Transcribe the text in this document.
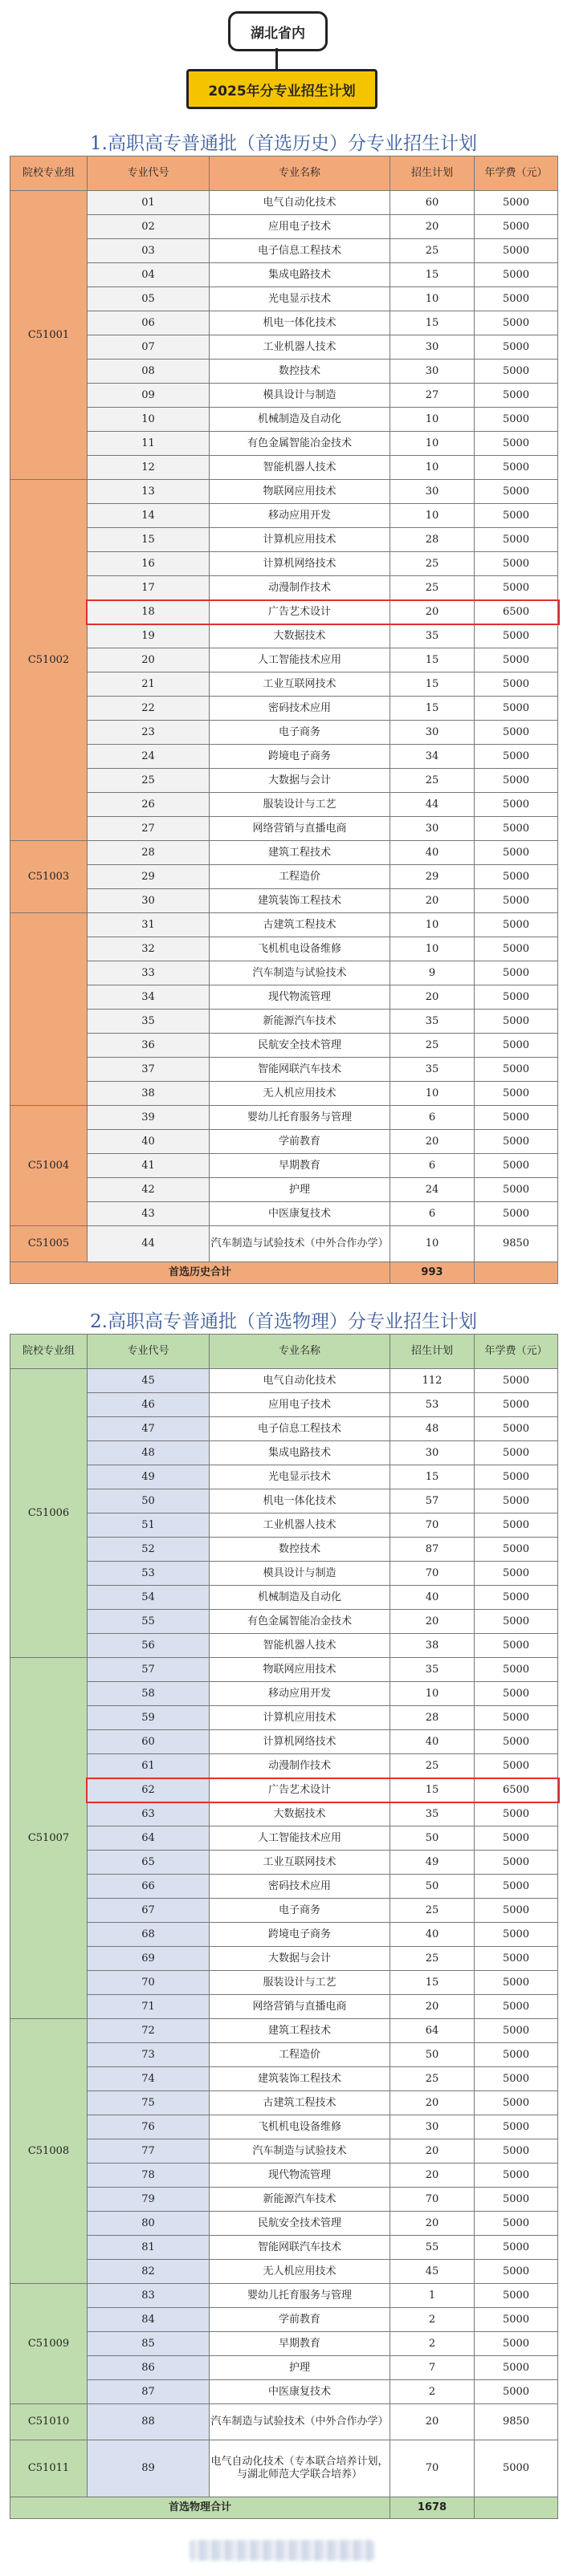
湖北省内
2025年分专业招生计划
1.高职高专普通批（首选历史）分专业招生计划
院校专业组	专业代号	专业名称	招生计划	年学费（元）
C51001	01	电气自动化技术	60	5000
	02	应用电子技术	20	5000
	03	电子信息工程技术	25	5000
	04	集成电路技术	15	5000
	05	光电显示技术	10	5000
	06	机电一体化技术	15	5000
	07	工业机器人技术	30	5000
	08	数控技术	30	5000
	09	模具设计与制造	27	5000
	10	机械制造及自动化	10	5000
	11	有色金属智能冶金技术	10	5000
	12	智能机器人技术	10	5000
C51002	13	物联网应用技术	30	5000
	14	移动应用开发	10	5000
	15	计算机应用技术	28	5000
	16	计算机网络技术	25	5000
	17	动漫制作技术	25	5000
	18	广告艺术设计	20	6500
	19	大数据技术	35	5000
	20	人工智能技术应用	15	5000
	21	工业互联网技术	15	5000
	22	密码技术应用	15	5000
	23	电子商务	30	5000
	24	跨境电子商务	34	5000
	25	大数据与会计	25	5000
	26	服装设计与工艺	44	5000
	27	网络营销与直播电商	30	5000
C51003	28	建筑工程技术	40	5000
	29	工程造价	29	5000
	30	建筑装饰工程技术	20	5000
	31	古建筑工程技术	10	5000
	32	飞机机电设备维修	10	5000
	33	汽车制造与试验技术	9	5000
	34	现代物流管理	20	5000
	35	新能源汽车技术	35	5000
	36	民航安全技术管理	25	5000
	37	智能网联汽车技术	35	5000
	38	无人机应用技术	10	5000
C51004	39	婴幼儿托育服务与管理	6	5000
	40	学前教育	20	5000
	41	早期教育	6	5000
	42	护理	24	5000
	43	中医康复技术	6	5000
C51005	44	汽车制造与试验技术（中外合作办学）	10	9850
首选历史合计			993	
2.高职高专普通批（首选物理）分专业招生计划
院校专业组	专业代号	专业名称	招生计划	年学费（元）
C51006	45	电气自动化技术	112	5000
	46	应用电子技术	53	5000
	47	电子信息工程技术	48	5000
	48	集成电路技术	30	5000
	49	光电显示技术	15	5000
	50	机电一体化技术	57	5000
	51	工业机器人技术	70	5000
	52	数控技术	87	5000
	53	模具设计与制造	70	5000
	54	机械制造及自动化	40	5000
	55	有色金属智能冶金技术	20	5000
	56	智能机器人技术	38	5000
C51007	57	物联网应用技术	35	5000
	58	移动应用开发	10	5000
	59	计算机应用技术	28	5000
	60	计算机网络技术	40	5000
	61	动漫制作技术	25	5000
	62	广告艺术设计	15	6500
	63	大数据技术	35	5000
	64	人工智能技术应用	50	5000
	65	工业互联网技术	49	5000
	66	密码技术应用	50	5000
	67	电子商务	25	5000
	68	跨境电子商务	40	5000
	69	大数据与会计	25	5000
	70	服装设计与工艺	15	5000
	71	网络营销与直播电商	20	5000
C51008	72	建筑工程技术	64	5000
	73	工程造价	50	5000
	74	建筑装饰工程技术	25	5000
	75	古建筑工程技术	20	5000
	76	飞机机电设备维修	30	5000
	77	汽车制造与试验技术	20	5000
	78	现代物流管理	20	5000
	79	新能源汽车技术	70	5000
	80	民航安全技术管理	20	5000
	81	智能网联汽车技术	55	5000
	82	无人机应用技术	45	5000
C51009	83	婴幼儿托育服务与管理	1	5000
	84	学前教育	2	5000
	85	早期教育	2	5000
	86	护理	7	5000
	87	中医康复技术	2	5000
C51010	88	汽车制造与试验技术（中外合作办学）	20	9850
C51011	89	电气自动化技术（专本联合培养计划，与湖北师范大学联合培养）	70	5000
首选物理合计			1678	
